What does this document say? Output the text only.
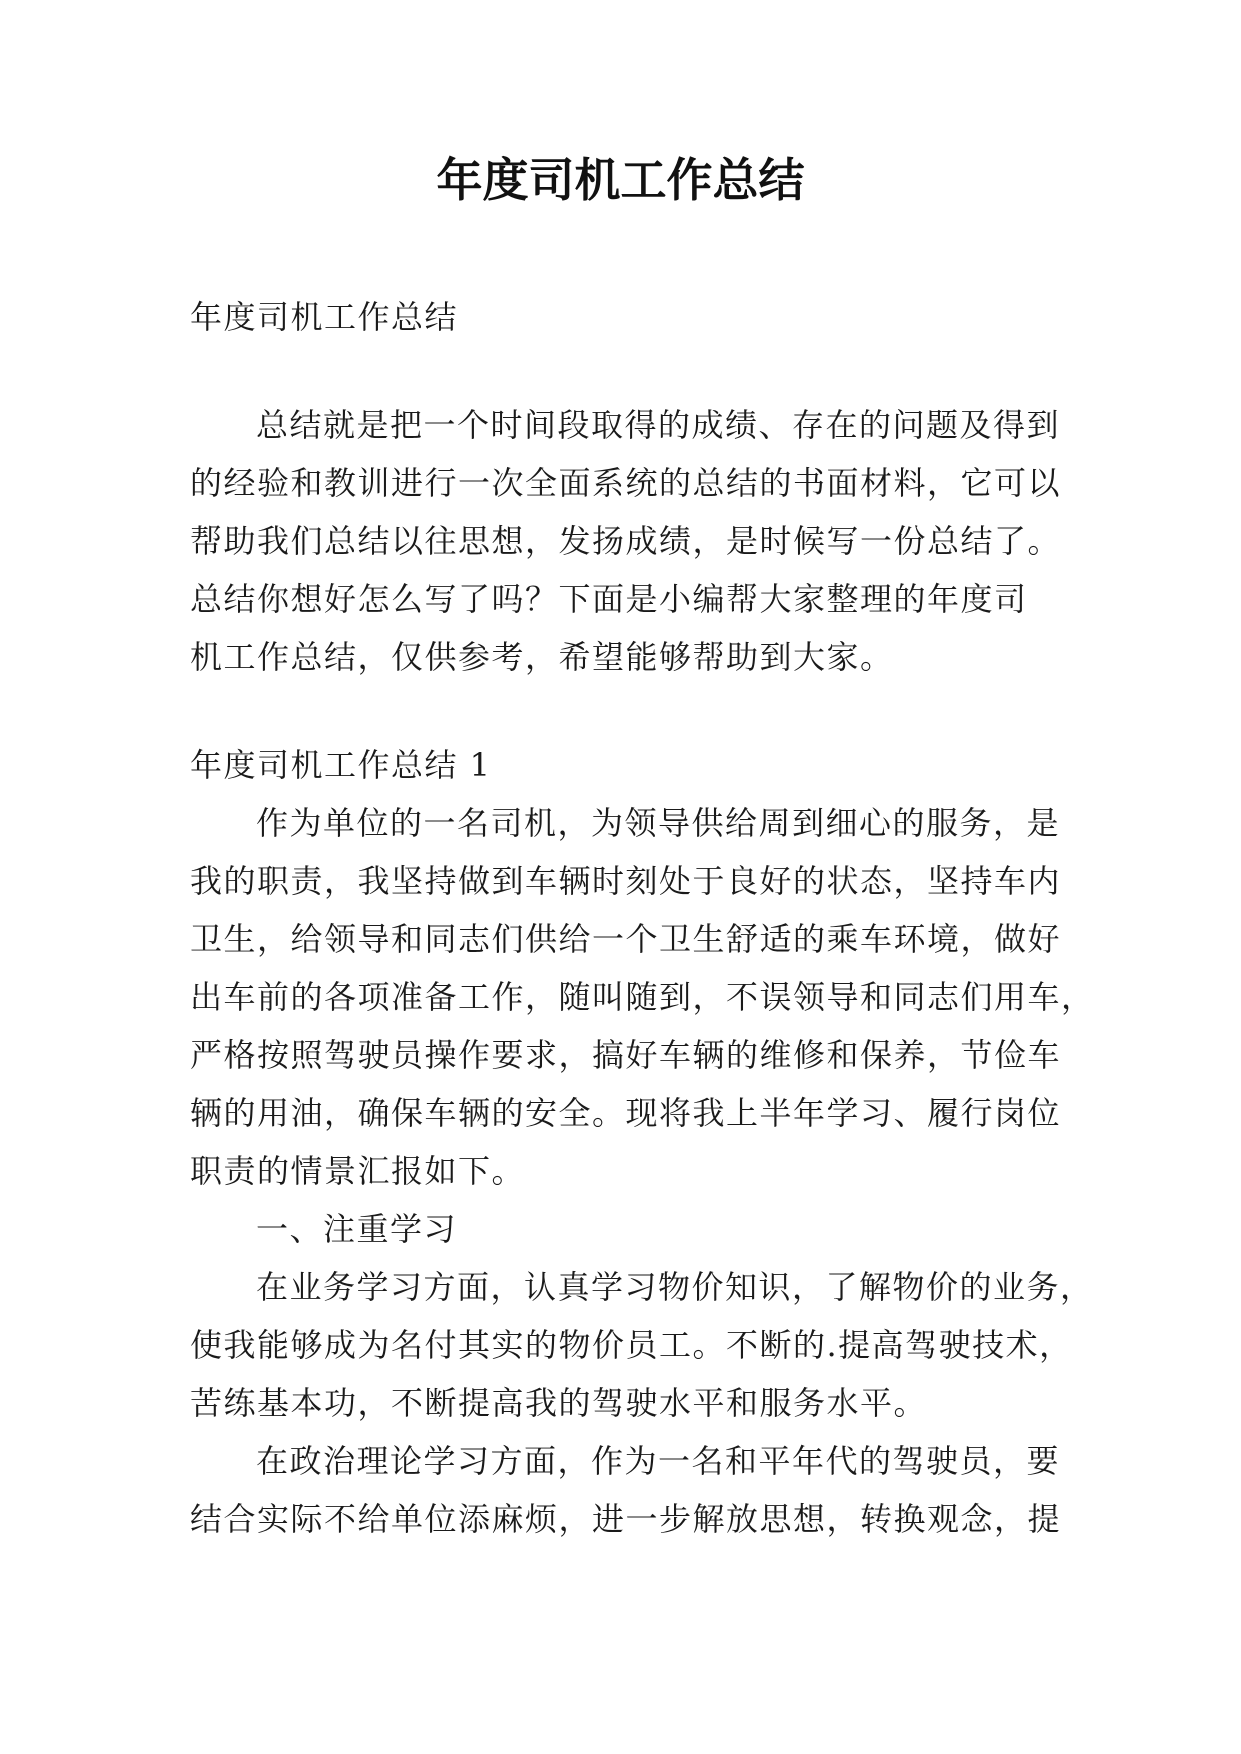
年度司机工作总结
年度司机工作总结
总结就是把一个时间段取得的成绩、存在的问题及得到
的经验和教训进行一次全面系统的总结的书面材料，它可以
帮助我们总结以往思想，发扬成绩，是时候写一份总结了。
总结你想好怎么写了吗？下面是小编帮大家整理的年度司
机工作总结，仅供参考，希望能够帮助到大家。
年度司机工作总结 1
作为单位的一名司机，为领导供给周到细心的服务，是
我的职责，我坚持做到车辆时刻处于良好的状态，坚持车内
卫生，给领导和同志们供给一个卫生舒适的乘车环境，做好
出车前的各项准备工作，随叫随到，不误领导和同志们用车，
严格按照驾驶员操作要求，搞好车辆的维修和保养，节俭车
辆的用油，确保车辆的安全。现将我上半年学习、履行岗位
职责的情景汇报如下。
一、注重学习
在业务学习方面，认真学习物价知识，了解物价的业务，
使我能够成为名付其实的物价员工。不断的.提高驾驶技术，
苦练基本功，不断提高我的驾驶水平和服务水平。
在政治理论学习方面，作为一名和平年代的驾驶员，要
结合实际不给单位添麻烦，进一步解放思想，转换观念，提
